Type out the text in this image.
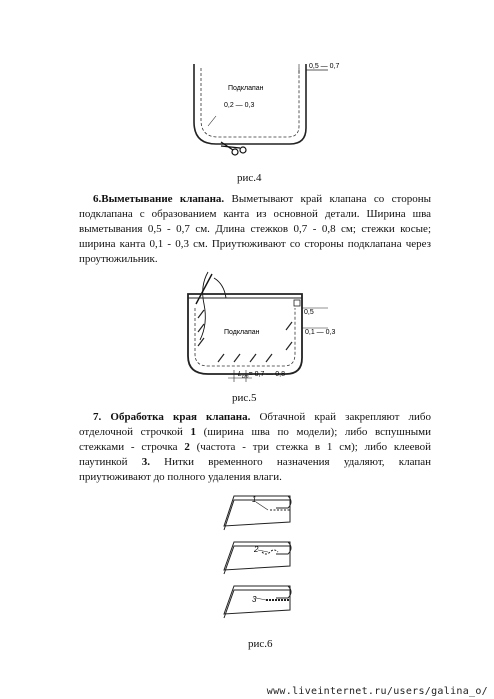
0,5 — 0,7
Подклапан
0,2 — 0,3
рис.4
6.Выметывание клапана. Выметывают край клапана со стороны подклапана с образованием канта из основной детали. Ширина шва выметывания 0,5 - 0,7 см. Длина стежков 0,7 - 0,8 см; стежки косые; ширина канта 0,1 - 0,3 см. Приутюживают со стороны подклапана через проутюжильник.
0,5
0,1 — 0,3
Подклапан
$L_{ст}= 0,7$ — 0,8
рис.5
7. Обработка края клапана. Обтачной край закрепляют либо отделочной строчкой 1 (ширина шва по модели); либо вспушными стежками - строчка 2 (частота - три стежка в 1 см); либо клеевой паутинкой 3. Нитки временного назначения удаляют, клапан приутюживают до полного удаления влаги.
1
2
3
рис.6
www.liveinternet.ru/users/galina_o/
